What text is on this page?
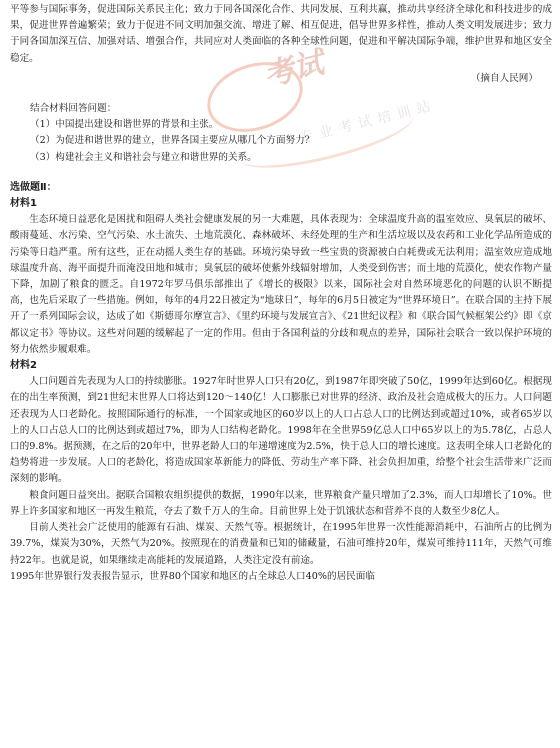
考试
专业考试培训站

平等参与国际事务，促进国际关系民主化；致力于同各国深化合作、共同发展、互利共赢，推动共享经济全球化和科技进步的成果，促进世界普遍繁荣；致力于促进不同文明加强交流、增进了解、相互促进，倡导世界多样性，推动人类文明发展进步；致力于同各国加深互信、加强对话、增强合作，共同应对人类面临的各种全球性问题，促进和平解决国际争端，维护世界和地区安全稳定。

（摘自人民网）

结合材料回答问题：

（1）中国提出建设和谐世界的背景和主张。

（2）为促进和谐世界的建立，世界各国主要应从哪几个方面努力？

（3）构建社会主义和谐社会与建立和谐世界的关系。

选做题Ⅱ：

材料1

生态环境日益恶化是困扰和阻碍人类社会健康发展的另一大难题，具体表现为：全球温度升高的温室效应、臭氧层的破坏、酸雨蔓延、水污染、空气污染、水土流失、土地荒漠化、森林破坏、未经处理的生产和生活垃圾以及农药和工业化学品所造成的污染等日趋严重。所有这些，正在动摇人类生存的基础。环境污染导致一些宝贵的资源被白白耗费或无法利用；温室效应造成地球温度升高、海平面提升而淹没田地和城市；臭氧层的破坏使紫外线辐射增加，人类受到伤害；而土地的荒漠化，使农作物产量下降，加剧了粮食的匮乏。自1972年罗马俱乐部推出了《增长的极限》以来，国际社会对自然环境恶化的问题的认识不断提高，也先后采取了一些措施。例如，每年的4月22日被定为“地球日”，每年的6月5日被定为“世界环境日”。在联合国的主持下展开了一系列国际会议，达成了如《斯德哥尔摩宣言》、《里约环境与发展宣言》、《21世纪议程》和《联合国气候框架公约》即《京都议定书》等协议。这些对问题的缓解起了一定的作用。但由于各国利益的分歧和观点的差异，国际社会联合一致以保护环境的努力依然步履艰难。

材料2

人口问题首先表现为人口的持续膨胀。1927年时世界人口只有20亿，到1987年即突破了50亿，1999年达到60亿。根据现在的出生率预测，到21世纪末世界人口将达到120～140亿！人口膨胀已对世界的经济、政治及社会造成极大的压力。人口问题还表现为人口老龄化。按照国际通行的标准，一个国家或地区的60岁以上的人口占总人口的比例达到或超过10%，或者65岁以上的人口占总人口的比例达到或超过7%，即为人口结构老龄化。1998年在全世界59亿总人口中65岁以上的为5.78亿，占总人口的9.8%。据预测，在之后的20年中，世界老龄人口的年递增速度为2.5%，快于总人口的增长速度。这表明全球人口老龄化的趋势将进一步发展。人口的老龄化，将造成国家革新能力的降低、劳动生产率下降、社会负担加重，给整个社会生活带来广泛而深刻的影响。

粮食问题日益突出。据联合国粮农组织提供的数据，1990年以来，世界粮食产量只增加了2.3%，而人口却增长了10%。世界上许多国家和地区一再发生粮荒，夺去了数千万人的生命。目前世界上处于饥饿状态和营养不良的人数至少8亿人。

目前人类社会广泛使用的能源有石油、煤炭、天然气等。根据统计，在1995年世界一次性能源消耗中，石油所占的比例为39.7%，煤炭为30%，天然气为20%。按照现在的消费量和已知的储藏量，石油可维持20年，煤炭可维持111年，天然气可维持22年。也就是说，如果继续走高能耗的发展道路，人类注定没有前途。

1995年世界银行发表报告显示，世界80个国家和地区的占全球总人口40%的居民面临
